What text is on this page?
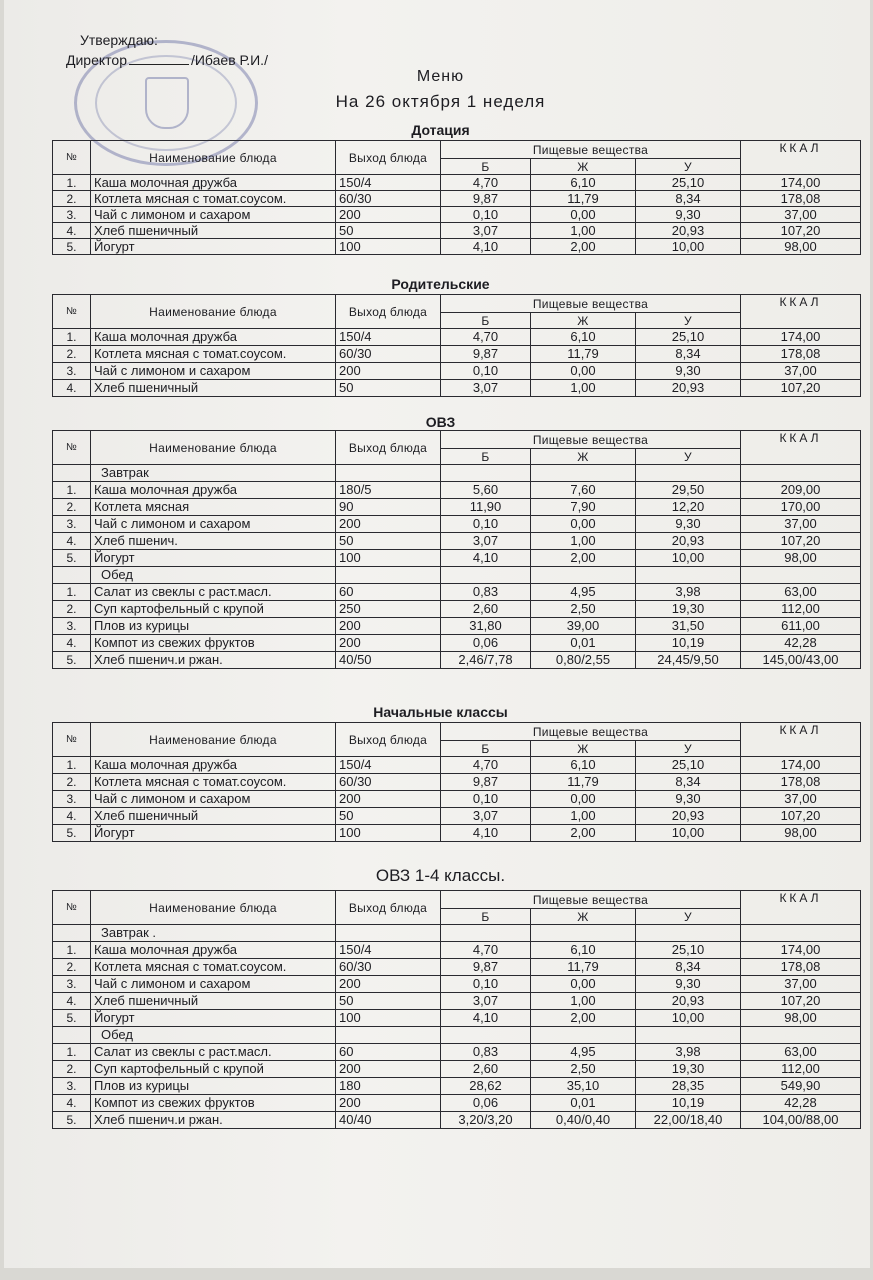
Утверждаю:
Директор	/Ибаев Р.И./
Меню
На 26 октября 1 неделя
Дотация
№	Наименование блюда	Выход блюда	Пищевые вещества			ККАЛ
			Б	Ж	У	
1.	Каша молочная дружба	150/4	4,70	6,10	25,10	174,00
2.	Котлета мясная с томат.соусом.	60/30	9,87	11,79	8,34	178,08
3.	Чай с лимоном и сахаром	200	0,10	0,00	9,30	37,00
4.	Хлеб пшеничный	50	3,07	1,00	20,93	107,20
5.	Йогурт	100	4,10	2,00	10,00	98,00
Родительские
№	Наименование блюда	Выход блюда	Пищевые вещества			ККАЛ
			Б	Ж	У	
1.	Каша молочная дружба	150/4	4,70	6,10	25,10	174,00
2.	Котлета мясная с томат.соусом.	60/30	9,87	11,79	8,34	178,08
3.	Чай с лимоном и сахаром	200	0,10	0,00	9,30	37,00
4.	Хлеб пшеничный	50	3,07	1,00	20,93	107,20
ОВЗ
№	Наименование блюда	Выход блюда	Пищевые вещества			ККАЛ
			Б	Ж	У	
	Завтрак					
1.	Каша молочная дружба	180/5	5,60	7,60	29,50	209,00
2.	Котлета мясная	90	11,90	7,90	12,20	170,00
3.	Чай с лимоном и сахаром	200	0,10	0,00	9,30	37,00
4.	Хлеб пшенич.	50	3,07	1,00	20,93	107,20
5.	Йогурт	100	4,10	2,00	10,00	98,00
	Обед					
1.	Салат из свеклы с раст.масл.	60	0,83	4,95	3,98	63,00
2.	Суп картофельный с крупой	250	2,60	2,50	19,30	112,00
3.	Плов из курицы	200	31,80	39,00	31,50	611,00
4.	Компот из свежих фруктов	200	0,06	0,01	10,19	42,28
5.	Хлеб пшенич.и ржан.	40/50	2,46/7,78	0,80/2,55	24,45/9,50	145,00/43,00
Начальные классы
№	Наименование блюда	Выход блюда	Пищевые вещества			ККАЛ
			Б	Ж	У	
1.	Каша молочная дружба	150/4	4,70	6,10	25,10	174,00
2.	Котлета мясная с томат.соусом.	60/30	9,87	11,79	8,34	178,08
3.	Чай с лимоном и сахаром	200	0,10	0,00	9,30	37,00
4.	Хлеб пшеничный	50	3,07	1,00	20,93	107,20
5.	Йогурт	100	4,10	2,00	10,00	98,00
ОВЗ 1-4 классы.
№	Наименование блюда	Выход блюда	Пищевые вещества			ККАЛ
			Б	Ж	У	
	Завтрак .					
1.	Каша молочная дружба	150/4	4,70	6,10	25,10	174,00
2.	Котлета мясная с томат.соусом.	60/30	9,87	11,79	8,34	178,08
3.	Чай с лимоном и сахаром	200	0,10	0,00	9,30	37,00
4.	Хлеб пшеничный	50	3,07	1,00	20,93	107,20
5.	Йогурт	100	4,10	2,00	10,00	98,00
	Обед					
1.	Салат из свеклы с раст.масл.	60	0,83	4,95	3,98	63,00
2.	Суп картофельный с крупой	200	2,60	2,50	19,30	112,00
3.	Плов из курицы	180	28,62	35,10	28,35	549,90
4.	Компот из свежих фруктов	200	0,06	0,01	10,19	42,28
5.	Хлеб пшенич.и ржан.	40/40	3,20/3,20	0,40/0,40	22,00/18,40	104,00/88,00
